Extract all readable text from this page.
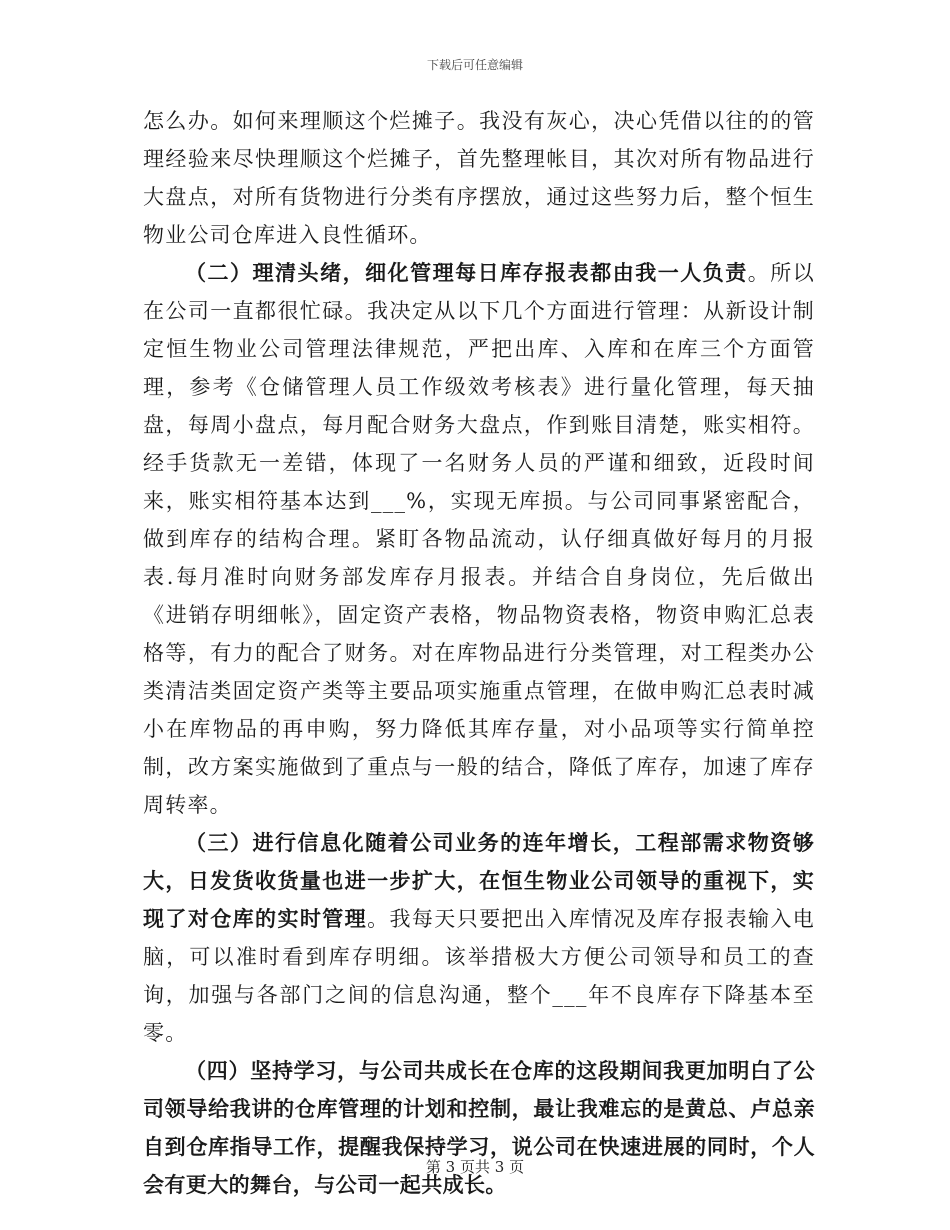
下载后可任意编辑

怎么办。如何来理顺这个烂摊子。我没有灰心，决心凭借以往的的管理经验来尽快理顺这个烂摊子，首先整理帐目，其次对所有物品进行大盘点，对所有货物进行分类有序摆放，通过这些努力后，整个恒生物业公司仓库进入良性循环。

（二）理清头绪，细化管理每日库存报表都由我一人负责。所以在公司一直都很忙碌。我决定从以下几个方面进行管理：从新设计制定恒生物业公司管理法律规范，严把出库、入库和在库三个方面管理，参考《仓储管理人员工作级效考核表》进行量化管理，每天抽盘，每周小盘点，每月配合财务大盘点，作到账目清楚，账实相符。经手货款无一差错，体现了一名财务人员的严谨和细致，近段时间来，账实相符基本达到___%，实现无库损。与公司同事紧密配合，做到库存的结构合理。紧盯各物品流动，认仔细真做好每月的月报表.每月准时向财务部发库存月报表。并结合自身岗位，先后做出《进销存明细帐》，固定资产表格，物品物资表格，物资申购汇总表格等，有力的配合了财务。对在库物品进行分类管理，对工程类办公类清洁类固定资产类等主要品项实施重点管理，在做申购汇总表时减小在库物品的再申购，努力降低其库存量，对小品项等实行简单控制，改方案实施做到了重点与一般的结合，降低了库存，加速了库存周转率。

（三）进行信息化随着公司业务的连年增长，工程部需求物资够大，日发货收货量也进一步扩大，在恒生物业公司领导的重视下，实现了对仓库的实时管理。我每天只要把出入库情况及库存报表输入电脑，可以准时看到库存明细。该举措极大方便公司领导和员工的查询，加强与各部门之间的信息沟通，整个___年不良库存下降基本至零。

（四）坚持学习，与公司共成长在仓库的这段期间我更加明白了公司领导给我讲的仓库管理的计划和控制，最让我难忘的是黄总、卢总亲自到仓库指导工作，提醒我保持学习，说公司在快速进展的同时，个人会有更大的舞台，与公司一起共成长。

第 3 页共 3 页
